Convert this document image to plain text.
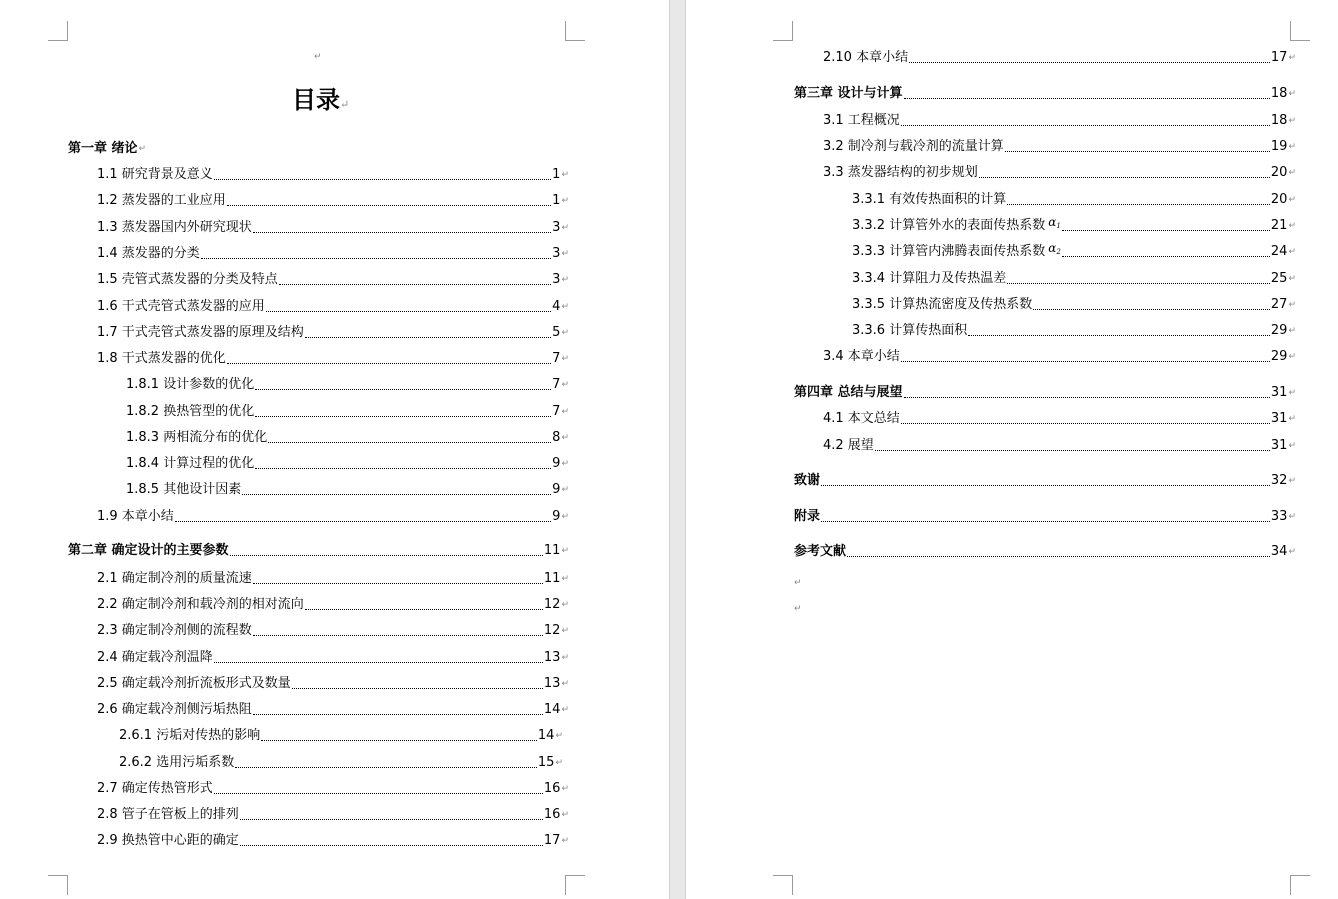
↵
目录↵
第一章 绪论 ↵
1.1 研究背景及意义	1 ↵
1.2 蒸发器的工业应用	1 ↵
1.3 蒸发器国内外研究现状	3 ↵
1.4 蒸发器的分类	3 ↵
1.5 壳管式蒸发器的分类及特点	3 ↵
1.6 干式壳管式蒸发器的应用	4 ↵
1.7 干式壳管式蒸发器的原理及结构	5 ↵
1.8 干式蒸发器的优化	7 ↵
1.8.1 设计参数的优化	7 ↵
1.8.2 换热管型的优化	7 ↵
1.8.3 两相流分布的优化	8 ↵
1.8.4 计算过程的优化	9 ↵
1.8.5 其他设计因素	9 ↵
1.9 本章小结	9 ↵
第二章 确定设计的主要参数	11 ↵
2.1 确定制冷剂的质量流速	11 ↵
2.2 确定制冷剂和载冷剂的相对流向	12 ↵
2.3 确定制冷剂侧的流程数	12 ↵
2.4 确定载冷剂温降	13 ↵
2.5 确定载冷剂折流板形式及数量	13 ↵
2.6 确定载冷剂侧污垢热阻	14 ↵
2.6.1 污垢对传热的影响	14 ↵
2.6.2 选用污垢系数	15 ↵
2.7 确定传热管形式	16 ↵
2.8 管子在管板上的排列	16 ↵
2.9 换热管中心距的确定	17 ↵
2.10 本章小结	17 ↵
第三章 设计与计算	18 ↵
3.1 工程概况	18 ↵
3.2 制冷剂与载冷剂的流量计算	19 ↵
3.3 蒸发器结构的初步规划	20 ↵
3.3.1 有效传热面积的计算	20 ↵
3.3.2 计算管外水的表面传热系数 $\alpha_1$	21 ↵
3.3.3 计算管内沸腾表面传热系数 $\alpha_2$	24 ↵
3.3.4 计算阻力及传热温差	25 ↵
3.3.5 计算热流密度及传热系数	27 ↵
3.3.6 计算传热面积	29 ↵
3.4 本章小结	29 ↵
第四章 总结与展望	31 ↵
4.1 本文总结	31 ↵
4.2 展望	31 ↵
致谢	32 ↵
附录	33 ↵
参考文献	34 ↵
↵
↵
